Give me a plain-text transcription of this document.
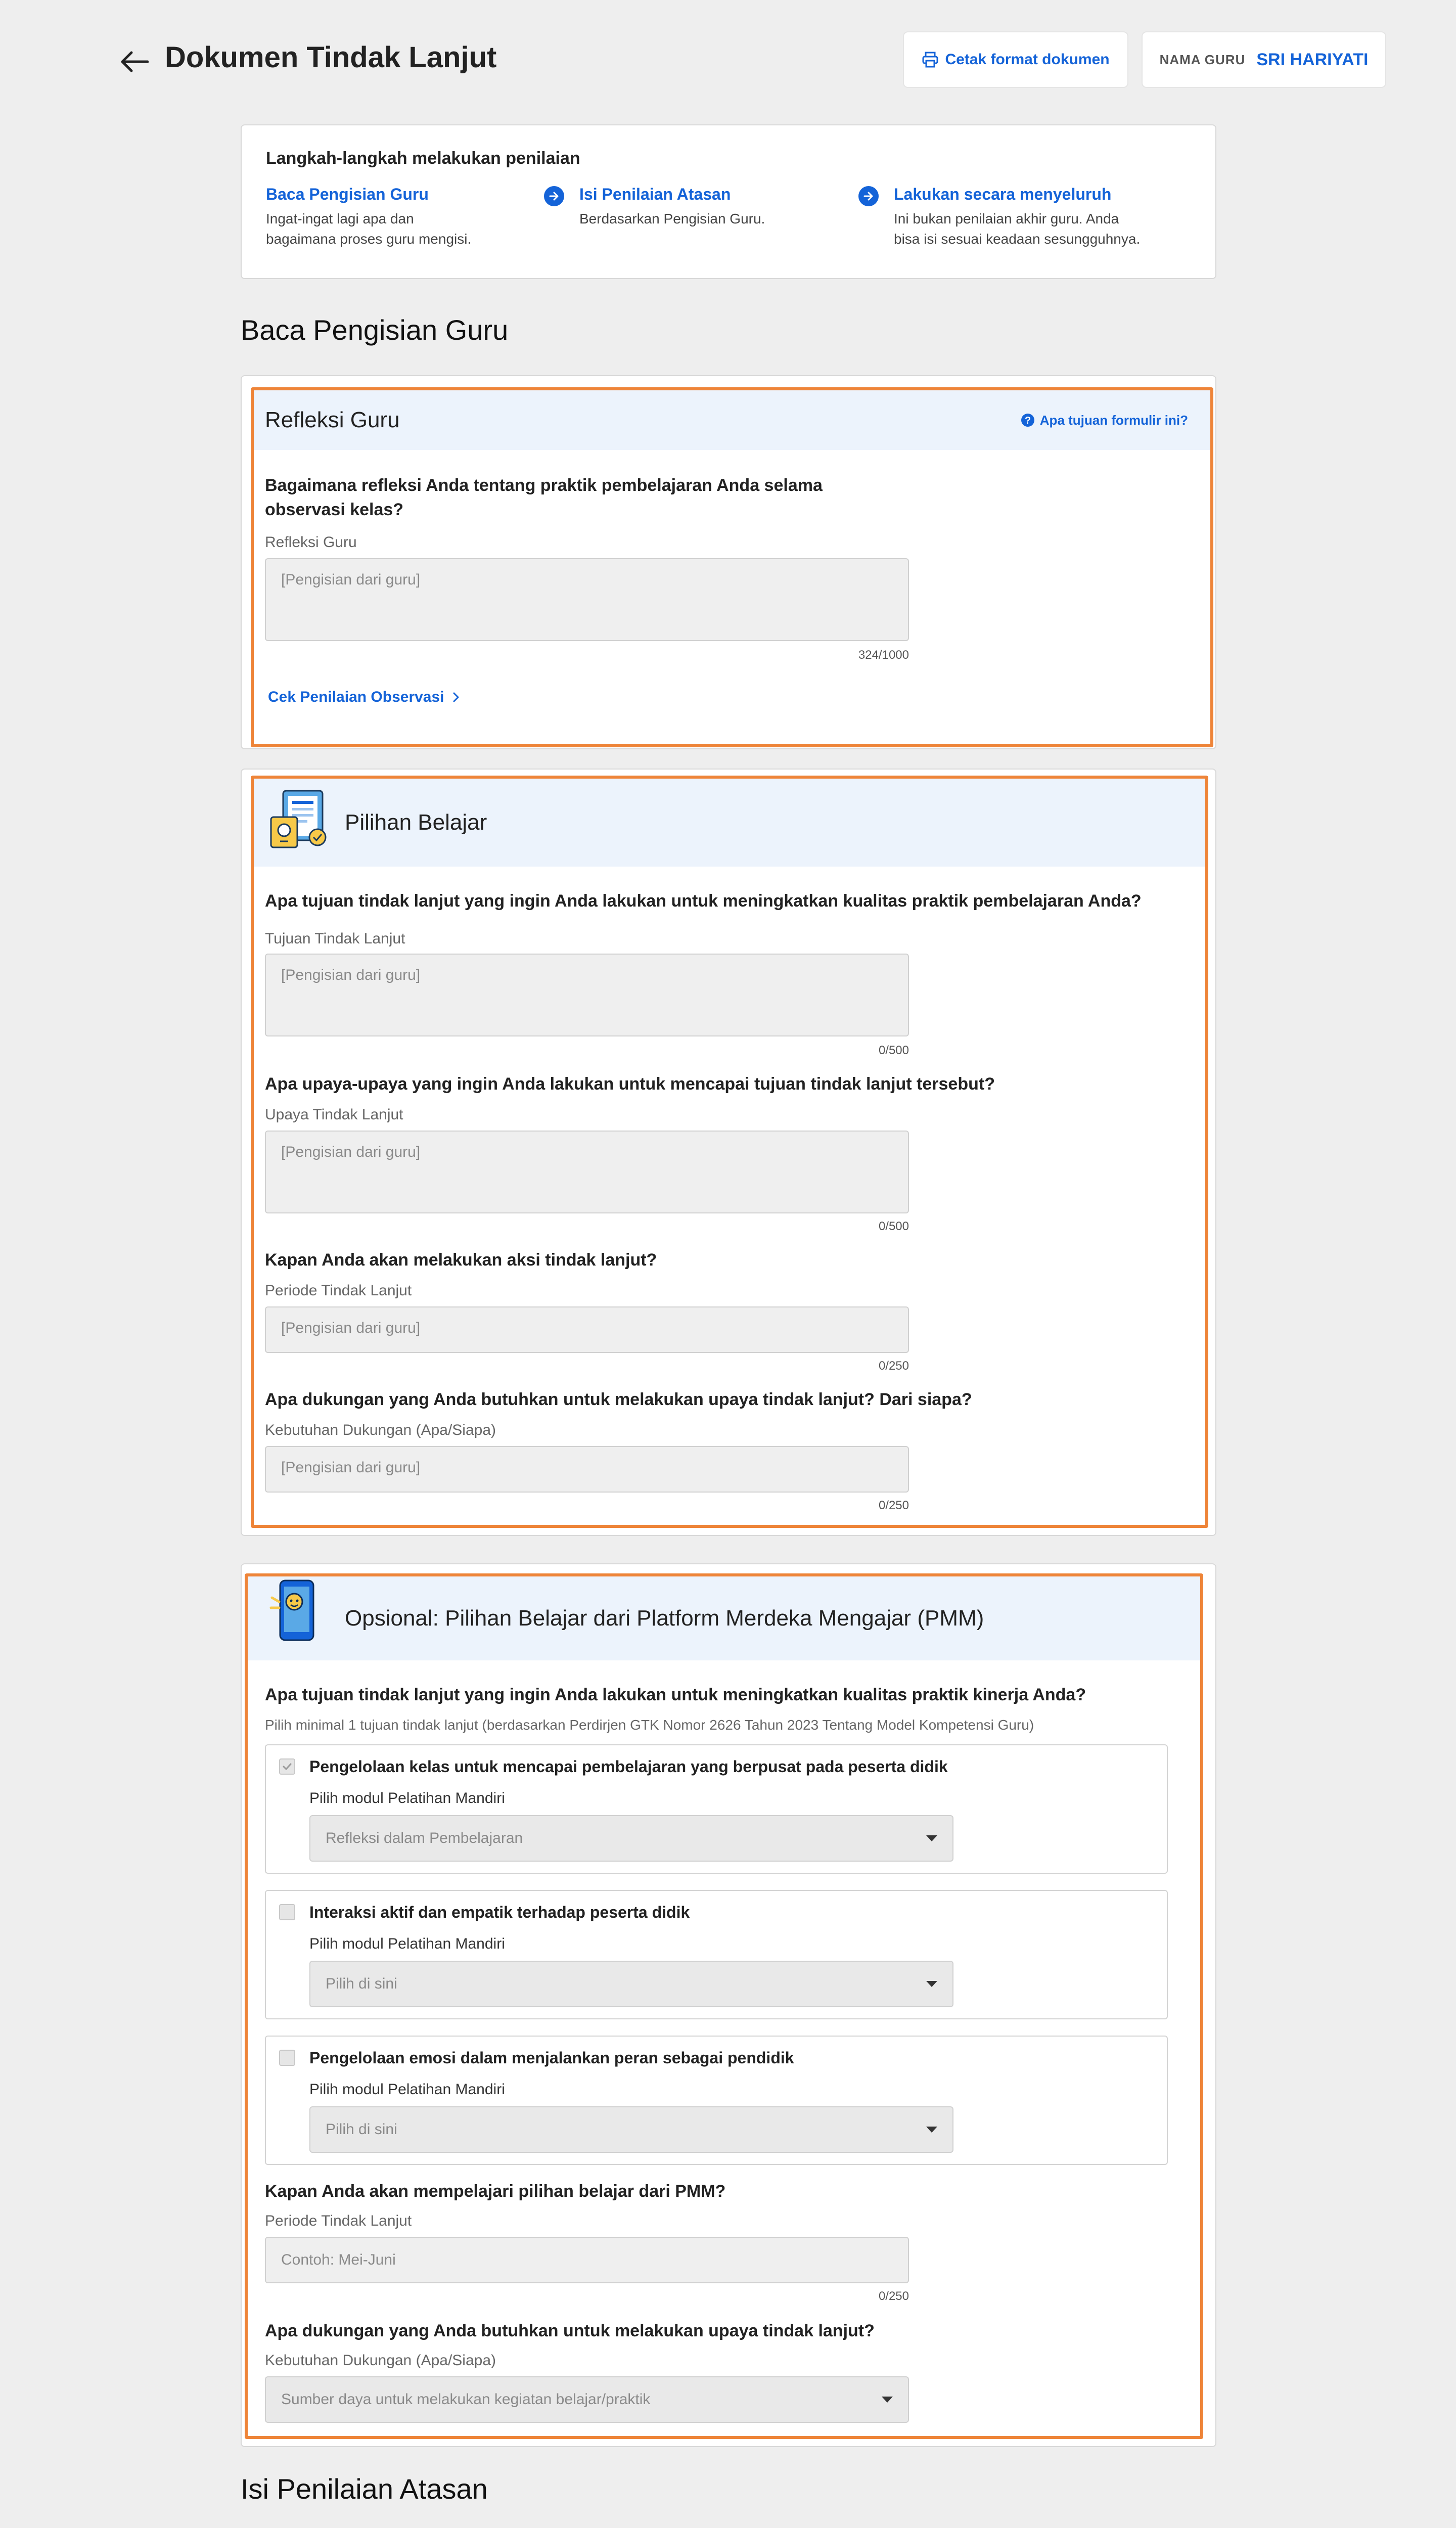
Dokumen Tindak Lanjut	Cetak format dokumen	NAMA GURU SRI HARIYATI
Langkah-langkah melakukan penilaian
Baca Pengisian Guru
Ingat-ingat lagi apa dan
bagaimana proses guru mengisi.
Isi Penilaian Atasan
Berdasarkan Pengisian Guru.
Lakukan secara menyeluruh
Ini bukan penilaian akhir guru. Anda
bisa isi sesuai keadaan sesungguhnya.
Baca Pengisian Guru
Refleksi Guru	? Apa tujuan formulir ini?
Bagaimana refleksi Anda tentang praktik pembelajaran Anda selama
observasi kelas?
Refleksi Guru
[Pengisian dari guru]
324/1000
Cek Penilaian Observasi
Pilihan Belajar
Apa tujuan tindak lanjut yang ingin Anda lakukan untuk meningkatkan kualitas praktik pembelajaran Anda?
Tujuan Tindak Lanjut
[Pengisian dari guru]
0/500
Apa upaya-upaya yang ingin Anda lakukan untuk mencapai tujuan tindak lanjut tersebut?
Upaya Tindak Lanjut
[Pengisian dari guru]
0/500
Kapan Anda akan melakukan aksi tindak lanjut?
Periode Tindak Lanjut
[Pengisian dari guru]
0/250
Apa dukungan yang Anda butuhkan untuk melakukan upaya tindak lanjut? Dari siapa?
Kebutuhan Dukungan (Apa/Siapa)
[Pengisian dari guru]
0/250
Opsional: Pilihan Belajar dari Platform Merdeka Mengajar (PMM)
Apa tujuan tindak lanjut yang ingin Anda lakukan untuk meningkatkan kualitas praktik kinerja Anda?
Pilih minimal 1 tujuan tindak lanjut (berdasarkan Perdirjen GTK Nomor 2626 Tahun 2023 Tentang Model Kompetensi Guru)
Pengelolaan kelas untuk mencapai pembelajaran yang berpusat pada peserta didik
Pilih modul Pelatihan Mandiri
Refleksi dalam Pembelajaran
Interaksi aktif dan empatik terhadap peserta didik
Pilih modul Pelatihan Mandiri
Pilih di sini
Pengelolaan emosi dalam menjalankan peran sebagai pendidik
Pilih modul Pelatihan Mandiri
Pilih di sini
Kapan Anda akan mempelajari pilihan belajar dari PMM?
Periode Tindak Lanjut
Contoh: Mei-Juni
0/250
Apa dukungan yang Anda butuhkan untuk melakukan upaya tindak lanjut?
Kebutuhan Dukungan (Apa/Siapa)
Sumber daya untuk melakukan kegiatan belajar/praktik
Isi Penilaian Atasan
